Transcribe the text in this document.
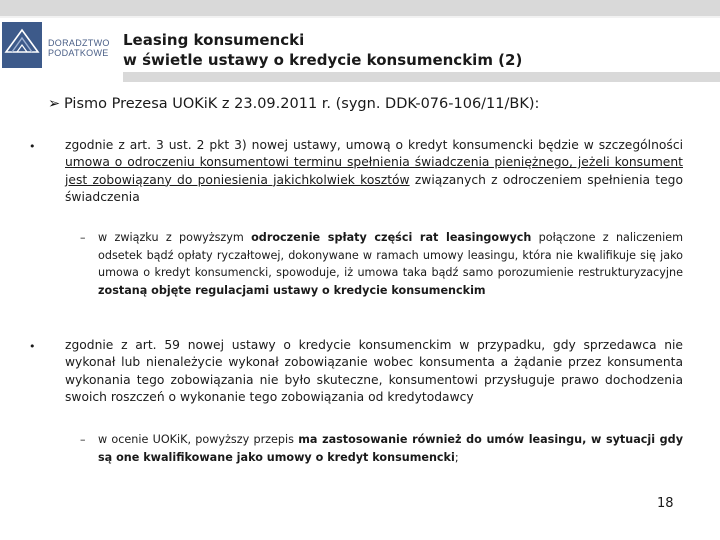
MDDP
DORADZTWO
PODATKOWE
Leasing konsumencki
w świetle ustawy o kredycie konsumenckim (2)
➢ Pismo Prezesa UOKiK z 23.09.2011 r. (sygn. DDK-076-106/11/BK):
• zgodnie z art. 3 ust. 2 pkt 3) nowej ustawy, umową o kredyt konsumencki będzie w szczególności umowa o odroczeniu konsumentowi terminu spełnienia świadczenia pieniężnego, jeżeli konsument jest zobowiązany do poniesienia jakichkolwiek kosztów związanych z odroczeniem spełnienia tego świadczenia
– w związku z powyższym odroczenie spłaty części rat leasingowych połączone z naliczeniem odsetek bądź opłaty ryczałtowej, dokonywane w ramach umowy leasingu, która nie kwalifikuje się jako umowa o kredyt konsumencki, spowoduje, iż umowa taka bądź samo porozumienie restrukturyzacyjne zostaną objęte regulacjami ustawy o kredycie konsumenckim
• zgodnie z art. 59 nowej ustawy o kredycie konsumenckim w przypadku, gdy sprzedawca nie wykonał lub nienależycie wykonał zobowiązanie wobec konsumenta a żądanie przez konsumenta wykonania tego zobowiązania nie było skuteczne, konsumentowi przysługuje prawo dochodzenia swoich roszczeń o wykonanie tego zobowiązania od kredytodawcy
– w ocenie UOKiK, powyższy przepis ma zastosowanie również do umów leasingu, w sytuacji gdy są one kwalifikowane jako umowy o kredyt konsumencki;
18
